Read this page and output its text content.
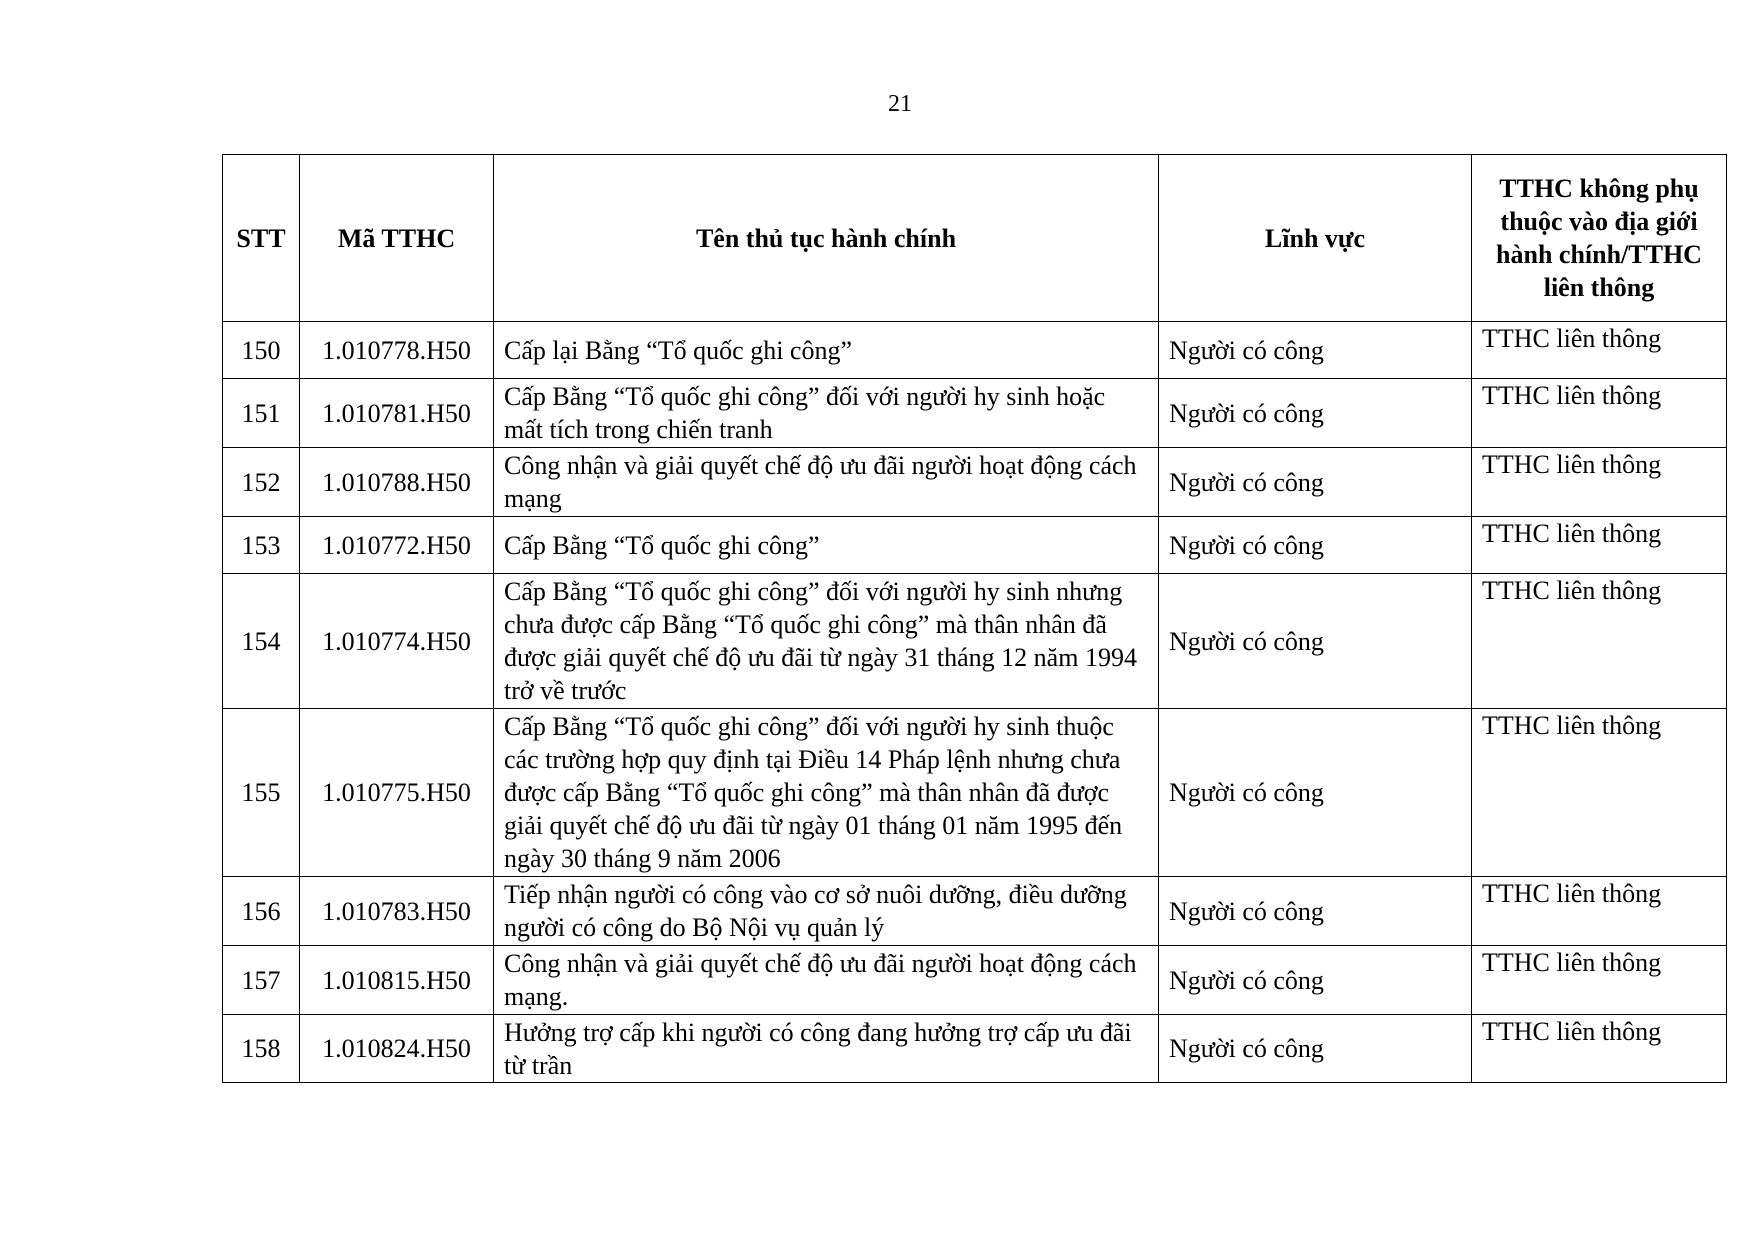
21
STT	Mã TTHC	Tên thủ tục hành chính	Lĩnh vực	TTHC không phụ thuộc vào địa giới hành chính/TTHC liên thông
150	1.010778.H50	Cấp lại Bằng “Tổ quốc ghi công”	Người có công	TTHC liên thông
151	1.010781.H50	Cấp Bằng “Tổ quốc ghi công” đối với người hy sinh hoặc mất tích trong chiến tranh	Người có công	TTHC liên thông
152	1.010788.H50	Công nhận và giải quyết chế độ ưu đãi người hoạt động cách mạng	Người có công	TTHC liên thông
153	1.010772.H50	Cấp Bằng “Tổ quốc ghi công”	Người có công	TTHC liên thông
154	1.010774.H50	Cấp Bằng “Tổ quốc ghi công” đối với người hy sinh nhưng chưa được cấp Bằng “Tổ quốc ghi công” mà thân nhân đã được giải quyết chế độ ưu đãi từ ngày 31 tháng 12 năm 1994 trở về trước	Người có công	TTHC liên thông
155	1.010775.H50	Cấp Bằng “Tổ quốc ghi công” đối với người hy sinh thuộc các trường hợp quy định tại Điều 14 Pháp lệnh nhưng chưa được cấp Bằng “Tổ quốc ghi công” mà thân nhân đã được giải quyết chế độ ưu đãi từ ngày 01 tháng 01 năm 1995 đến ngày 30 tháng 9 năm 2006	Người có công	TTHC liên thông
156	1.010783.H50	Tiếp nhận người có công vào cơ sở nuôi dưỡng, điều dưỡng người có công do Bộ Nội vụ quản lý	Người có công	TTHC liên thông
157	1.010815.H50	Công nhận và giải quyết chế độ ưu đãi người hoạt động cách mạng.	Người có công	TTHC liên thông
158	1.010824.H50	Hưởng trợ cấp khi người có công đang hưởng trợ cấp ưu đãi từ trần	Người có công	TTHC liên thông
